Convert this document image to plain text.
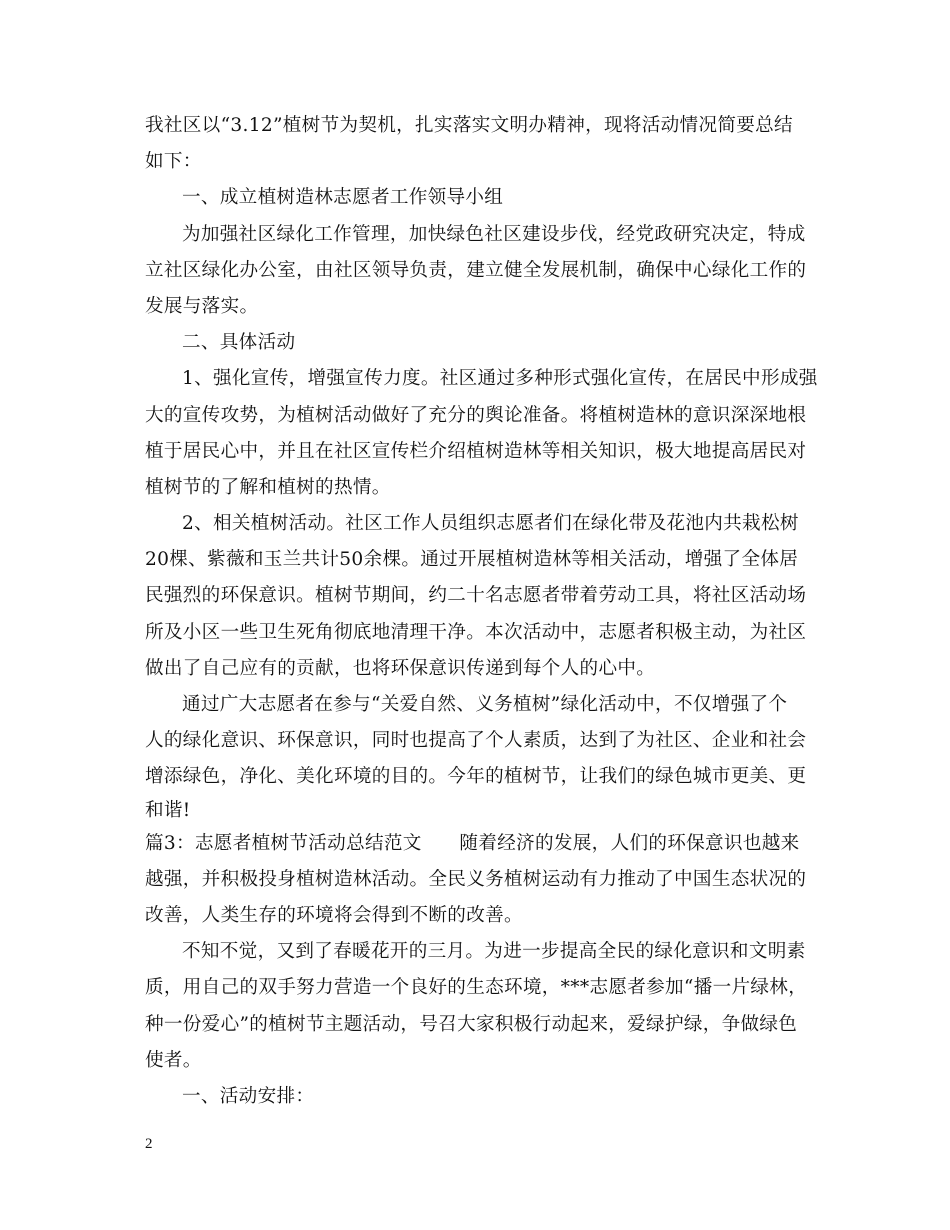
我社区以“3.12”植树节为契机，扎实落实文明办精神，现将活动情况简要总结
如下：
一、成立植树造林志愿者工作领导小组
为加强社区绿化工作管理，加快绿色社区建设步伐，经党政研究决定，特成
立社区绿化办公室，由社区领导负责，建立健全发展机制，确保中心绿化工作的
发展与落实。
二、具体活动
1、强化宣传，增强宣传力度。社区通过多种形式强化宣传，在居民中形成强
大的宣传攻势，为植树活动做好了充分的舆论准备。将植树造林的意识深深地根
植于居民心中，并且在社区宣传栏介绍植树造林等相关知识，极大地提高居民对
植树节的了解和植树的热情。
2、相关植树活动。社区工作人员组织志愿者们在绿化带及花池内共栽松树
20棵、紫薇和玉兰共计50余棵。通过开展植树造林等相关活动，增强了全体居
民强烈的环保意识。植树节期间，约二十名志愿者带着劳动工具，将社区活动场
所及小区一些卫生死角彻底地清理干净。本次活动中，志愿者积极主动，为社区
做出了自己应有的贡献，也将环保意识传递到每个人的心中。
通过广大志愿者在参与“关爱自然、义务植树”绿化活动中，不仅增强了个
人的绿化意识、环保意识，同时也提高了个人素质，达到了为社区、企业和社会
增添绿色，净化、美化环境的目的。今年的植树节，让我们的绿色城市更美、更
和谐!
篇3：志愿者植树节活动总结范文　　随着经济的发展，人们的环保意识也越来
越强，并积极投身植树造林活动。全民义务植树运动有力推动了中国生态状况的
改善，人类生存的环境将会得到不断的改善。
不知不觉，又到了春暖花开的三月。为进一步提高全民的绿化意识和文明素
质，用自己的双手努力营造一个良好的生态环境，***志愿者参加“播一片绿林，
种一份爱心”的植树节主题活动，号召大家积极行动起来，爱绿护绿，争做绿色
使者。
一、活动安排：
2
